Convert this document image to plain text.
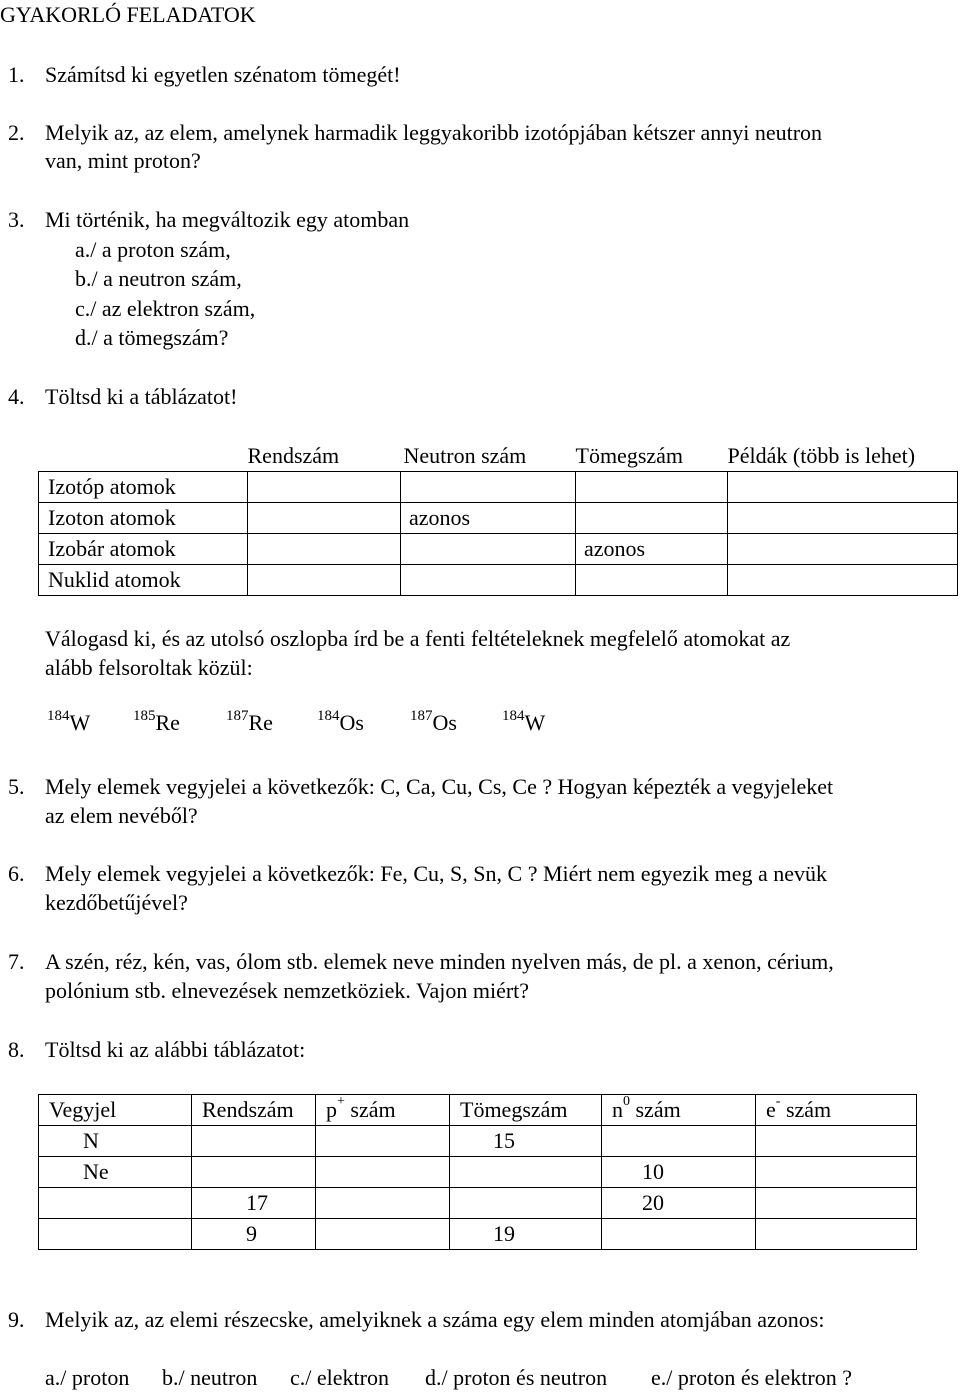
GYAKORLÓ FELADATOK
1. Számítsd ki egyetlen szénatom tömegét!
2. Melyik az, az elem, amelynek harmadik leggyakoribb izotópjában kétszer annyi neutron
van, mint proton?
3. Mi történik, ha megváltozik egy atomban
a./ a proton szám,
b./ a neutron szám,
c./ az elektron szám,
d./ a tömegszám?
4. Töltsd ki a táblázatot!
	Rendszám	Neutron szám	Tömegszám	Példák (több is lehet)
Izotóp atomok				
Izoton atomok		azonos		
Izobár atomok			azonos	
Nuklid atomok				
Válogasd ki, és az utolsó oszlopba írd be a fenti feltételeknek megfelelő atomokat az
alább felsoroltak közül:
$^{184}$W	$^{185}$Re	$^{187}$Re	$^{184}$Os	$^{187}$Os	$^{184}$W
5. Mely elemek vegyjelei a következők: C, Ca, Cu, Cs, Ce ? Hogyan képezték a vegyjeleket
az elem nevéből?
6. Mely elemek vegyjelei a következők: Fe, Cu, S, Sn, C ? Miért nem egyezik meg a nevük
kezdőbetűjével?
7. A szén, réz, kén, vas, ólom stb. elemek neve minden nyelven más, de pl. a xenon, cérium,
polónium stb. elnevezések nemzetköziek. Vajon miért?
8. Töltsd ki az alábbi táblázatot:
Vegyjel	Rendszám	p+ szám	Tömegszám	$n^0$ szám	e- szám
N			15		
Ne				10	
	17			20	
	9		19		
9. Melyik az, az elemi részecske, amelyiknek a száma egy elem minden atomjában azonos:
a./ proton b./ neutron c./ elektron d./ proton és neutron e./ proton és elektron ?
